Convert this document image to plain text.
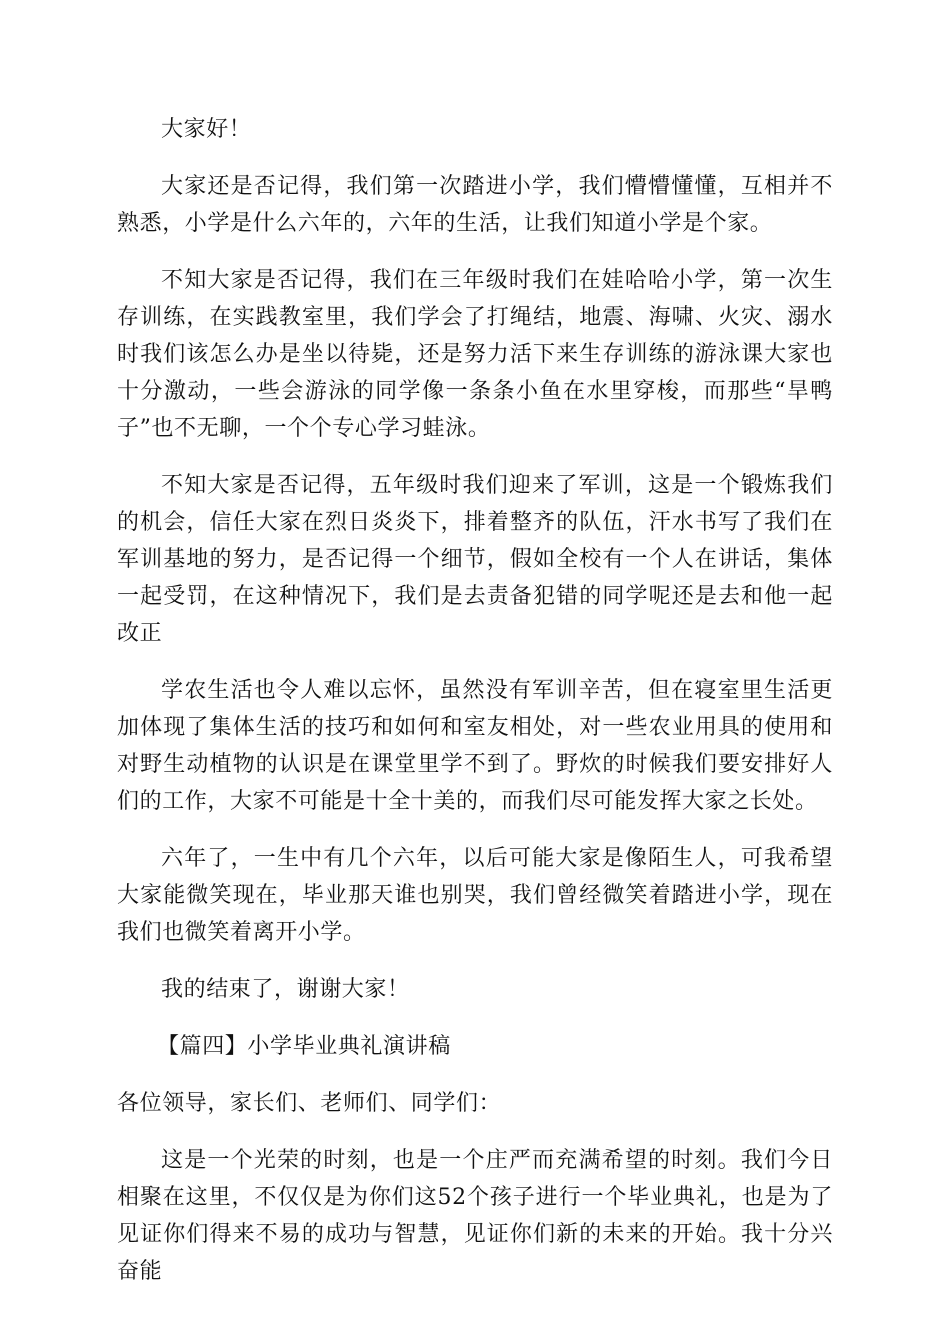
大家好！

大家还是否记得，我们第一次踏进小学，我们懵懵懂懂，互相并不熟悉，小学是什么六年的，六年的生活，让我们知道小学是个家。

不知大家是否记得，我们在三年级时我们在娃哈哈小学，第一次生存训练，在实践教室里，我们学会了打绳结，地震、海啸、火灾、溺水时我们该怎么办是坐以待毙，还是努力活下来生存训练的游泳课大家也十分激动，一些会游泳的同学像一条条小鱼在水里穿梭，而那些“旱鸭子”也不无聊，一个个专心学习蛙泳。

不知大家是否记得，五年级时我们迎来了军训，这是一个锻炼我们的机会，信任大家在烈日炎炎下，排着整齐的队伍，汗水书写了我们在军训基地的努力，是否记得一个细节，假如全校有一个人在讲话，集体一起受罚，在这种情况下，我们是去责备犯错的同学呢还是去和他一起改正

学农生活也令人难以忘怀，虽然没有军训辛苦，但在寝室里生活更加体现了集体生活的技巧和如何和室友相处，对一些农业用具的使用和对野生动植物的认识是在课堂里学不到了。野炊的时候我们要安排好人们的工作，大家不可能是十全十美的，而我们尽可能发挥大家之长处。

六年了，一生中有几个六年，以后可能大家是像陌生人，可我希望大家能微笑现在，毕业那天谁也别哭，我们曾经微笑着踏进小学，现在我们也微笑着离开小学。

我的结束了，谢谢大家！

【篇四】小学毕业典礼演讲稿

各位领导，家长们、老师们、同学们：

这是一个光荣的时刻，也是一个庄严而充满希望的时刻。我们今日相聚在这里，不仅仅是为你们这52个孩子进行一个毕业典礼，也是为了见证你们得来不易的成功与智慧，见证你们新的未来的开始。我十分兴奋能
